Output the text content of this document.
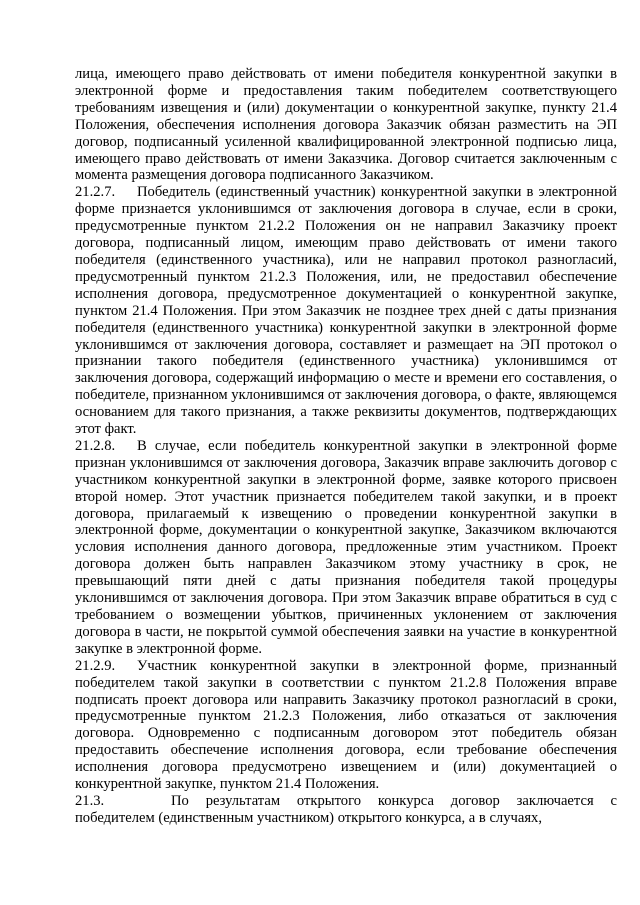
лица, имеющего право действовать от имени победителя конкурентной закупки в электронной форме и предоставления таким победителем соответствующего требованиям извещения и (или) документации о конкурентной закупке, пункту 21.4 Положения, обеспечения исполнения договора Заказчик обязан разместить на ЭП договор, подписанный усиленной квалифицированной электронной подписью лица, имеющего право действовать от имени Заказчика. Договор считается заключенным с момента размещения договора подписанного Заказчиком.

21.2.7. Победитель (единственный участник) конкурентной закупки в электронной форме признается уклонившимся от заключения договора в случае, если в сроки, предусмотренные пунктом 21.2.2 Положения он не направил Заказчику проект договора, подписанный лицом, имеющим право действовать от имени такого победителя (единственного участника), или не направил протокол разногласий, предусмотренный пунктом 21.2.3 Положения, или, не предоставил обеспечение исполнения договора, предусмотренное документацией о конкурентной закупке, пунктом 21.4 Положения. При этом Заказчик не позднее трех дней с даты признания победителя (единственного участника) конкурентной закупки в электронной форме уклонившимся от заключения договора, составляет и размещает на ЭП протокол о признании такого победителя (единственного участника) уклонившимся от заключения договора, содержащий информацию о месте и времени его составления, о победителе, признанном уклонившимся от заключения договора, о факте, являющемся основанием для такого признания, а также реквизиты документов, подтверждающих этот факт.

21.2.8. В случае, если победитель конкурентной закупки в электронной форме признан уклонившимся от заключения договора, Заказчик вправе заключить договор с участником конкурентной закупки в электронной форме, заявке которого присвоен второй номер. Этот участник признается победителем такой закупки, и в проект договора, прилагаемый к извещению о проведении конкурентной закупки в электронной форме, документации о конкурентной закупке, Заказчиком включаются условия исполнения данного договора, предложенные этим участником. Проект договора должен быть направлен Заказчиком этому участнику в срок, не превышающий пяти дней с даты признания победителя такой процедуры уклонившимся от заключения договора. При этом Заказчик вправе обратиться в суд с требованием о возмещении убытков, причиненных уклонением от заключения договора в части, не покрытой суммой обеспечения заявки на участие в конкурентной закупке в электронной форме.

21.2.9. Участник конкурентной закупки в электронной форме, признанный победителем такой закупки в соответствии с пунктом 21.2.8 Положения вправе подписать проект договора или направить Заказчику протокол разногласий в сроки, предусмотренные пунктом 21.2.3 Положения, либо отказаться от заключения договора. Одновременно с подписанным договором этот победитель обязан предоставить обеспечение исполнения договора, если требование обеспечения исполнения договора предусмотрено извещением и (или) документацией о конкурентной закупке, пунктом 21.4 Положения.

21.3.	По результатам открытого конкурса договор заключается с победителем (единственным участником) открытого конкурса, а в случаях,
